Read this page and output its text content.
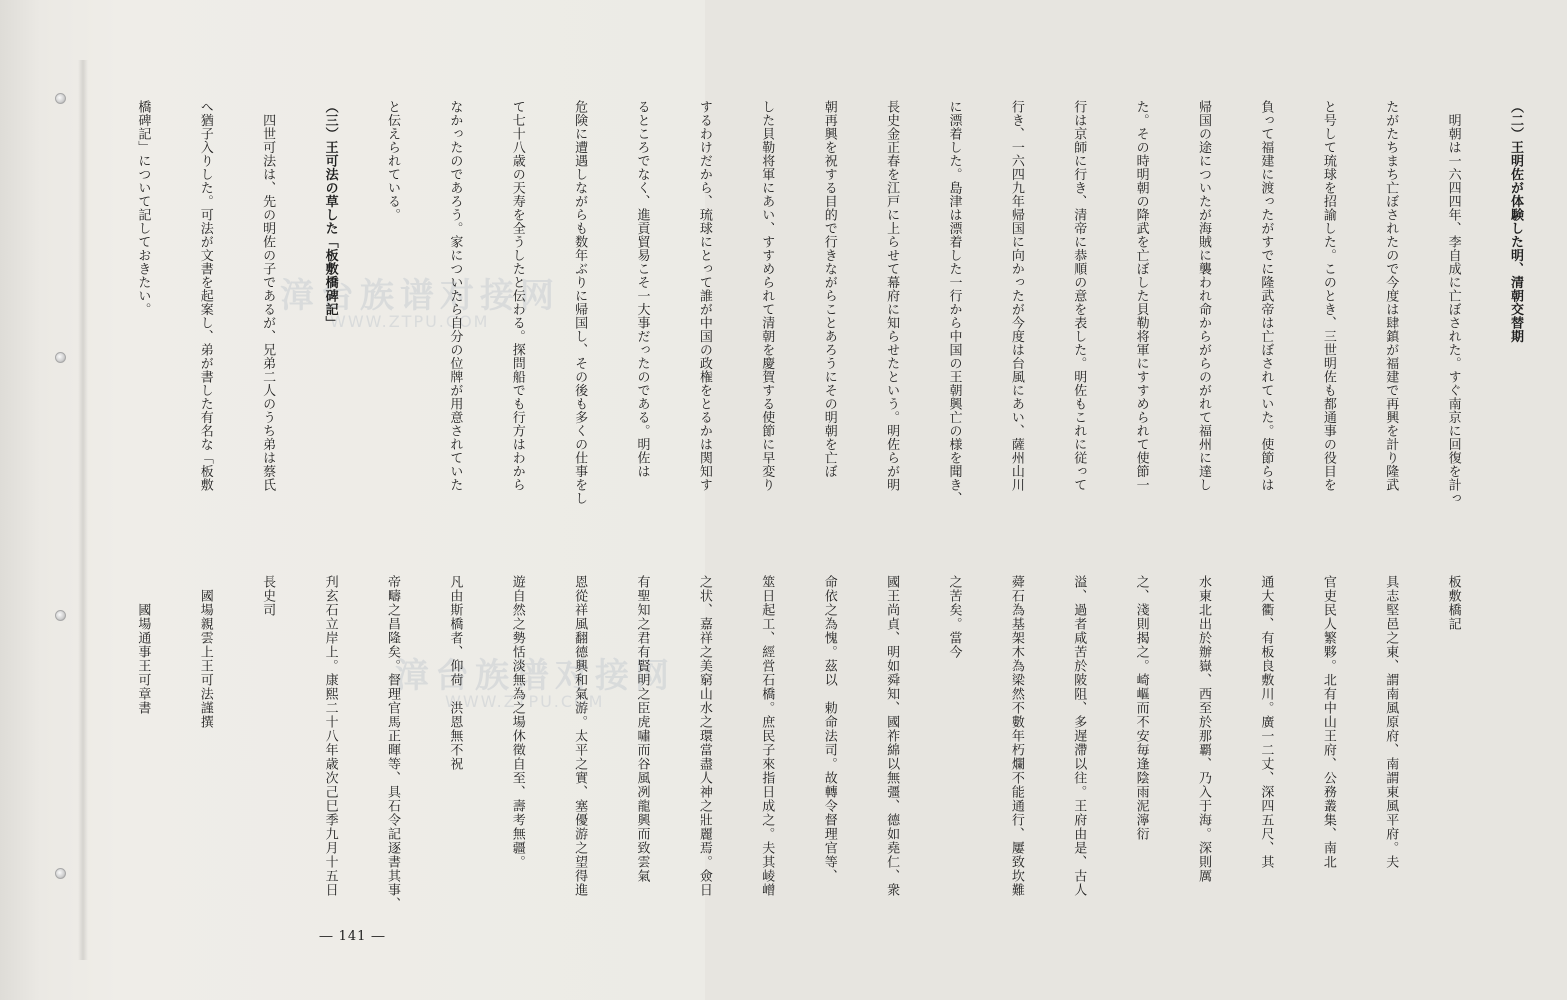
漳台族谱对接网
WWW.ZTPU.COM
漳台族谱对接网
WWW.ZTPU.COM

（二）王明佐が体験した明、清朝交替期

　明朝は一六四四年、李自成に亡ぼされた。すぐ南京に回復を計っ

たがたちまち亡ぼされたので今度は肆鎮が福建で再興を計り隆武

と号して琉球を招諭した。このとき、三世明佐も都通事の役目を

負って福建に渡ったがすでに隆武帝は亡ぼされていた。使節らは

帰国の途についたが海賊に襲われ命からがらのがれて福州に達し

た。その時明朝の降武を亡ぼした貝勒将軍にすすめられて使節一

行は京師に行き、清帝に恭順の意を表した。明佐もこれに従って

行き、一六四九年帰国に向かったが今度は台風にあい、薩州山川

に漂着した。島津は漂着した一行から中国の王朝興亡の様を聞き、

長史金正春を江戸に上らせて幕府に知らせたという。明佐らが明

朝再興を祝する目的で行きながらことあろうにその明朝を亡ぼ

した貝勒将軍にあい、すすめられて清朝を慶賀する使節に早変り

するわけだから、琉球にとって誰が中国の政権をとるかは関知す

るところでなく、進貢貿易こそ一大事だったのである。明佐は

危険に遭遇しながらも数年ぶりに帰国し、その後も多くの仕事をし

て七十八歳の天寿を全うしたと伝わる。探問船でも行方はわから

なかったのであろう。家についたら自分の位牌が用意されていた

と伝えられている。

（三）王可法の草した「板敷橋碑記」

　四世可法は、先の明佐の子であるが、兄弟二人のうち弟は蔡氏

へ猶子入りした。可法が文書を起案し、弟が書した有名な「板敷

橋碑記」について記しておきたい。

板敷橋記

具志堅邑之東、謂南風原府、南謂東風平府。夫

官吏民人繁夥。北有中山王府、公務叢集、南北

通大衢、有板良敷川。廣一二丈、深四五尺、其

水東北出於辦嶽、西至於那覇、乃入于海。深則厲

之、淺則揭之。崎嶇而不安毎逢陰雨泥濘衍

溢、過者咸苦於陂阻、多遅滯以往。王府由是、古人

蕣石為基架木為梁然不數年朽爛不能通行、屢致坎難

之苦矣。當今

國王尚貞、明如舜知、國祚綿以無彊、德如堯仁、衆

命依之為愧。茲以　勅命法司。故轉令督理官等、

筮日起工、經営石橋。庶民子來指日成之。夫其崚嶒

之状、嘉祥之美窮山水之環當盡人神之壯麗焉。僉日

有聖知之君有賢明之臣虎嘯而谷風冽龍興而致雲氣

恩從祥風翻德興和氣游。太平之實、塞優游之望得進

遊自然之勢恬淡無為之場休徵自至、壽考無疆。

凡由斯橋者、仰荷　洪恩無不祝

帝疇之昌隆矣。督理官馬正暉等、具石令記逐書其事、

刋玄石立岸上。康熙二十八年歳次己巳季九月十五日

長史司

　國場親雲上王可法謹撰

　　國場通事王可章書

― 141 ―
